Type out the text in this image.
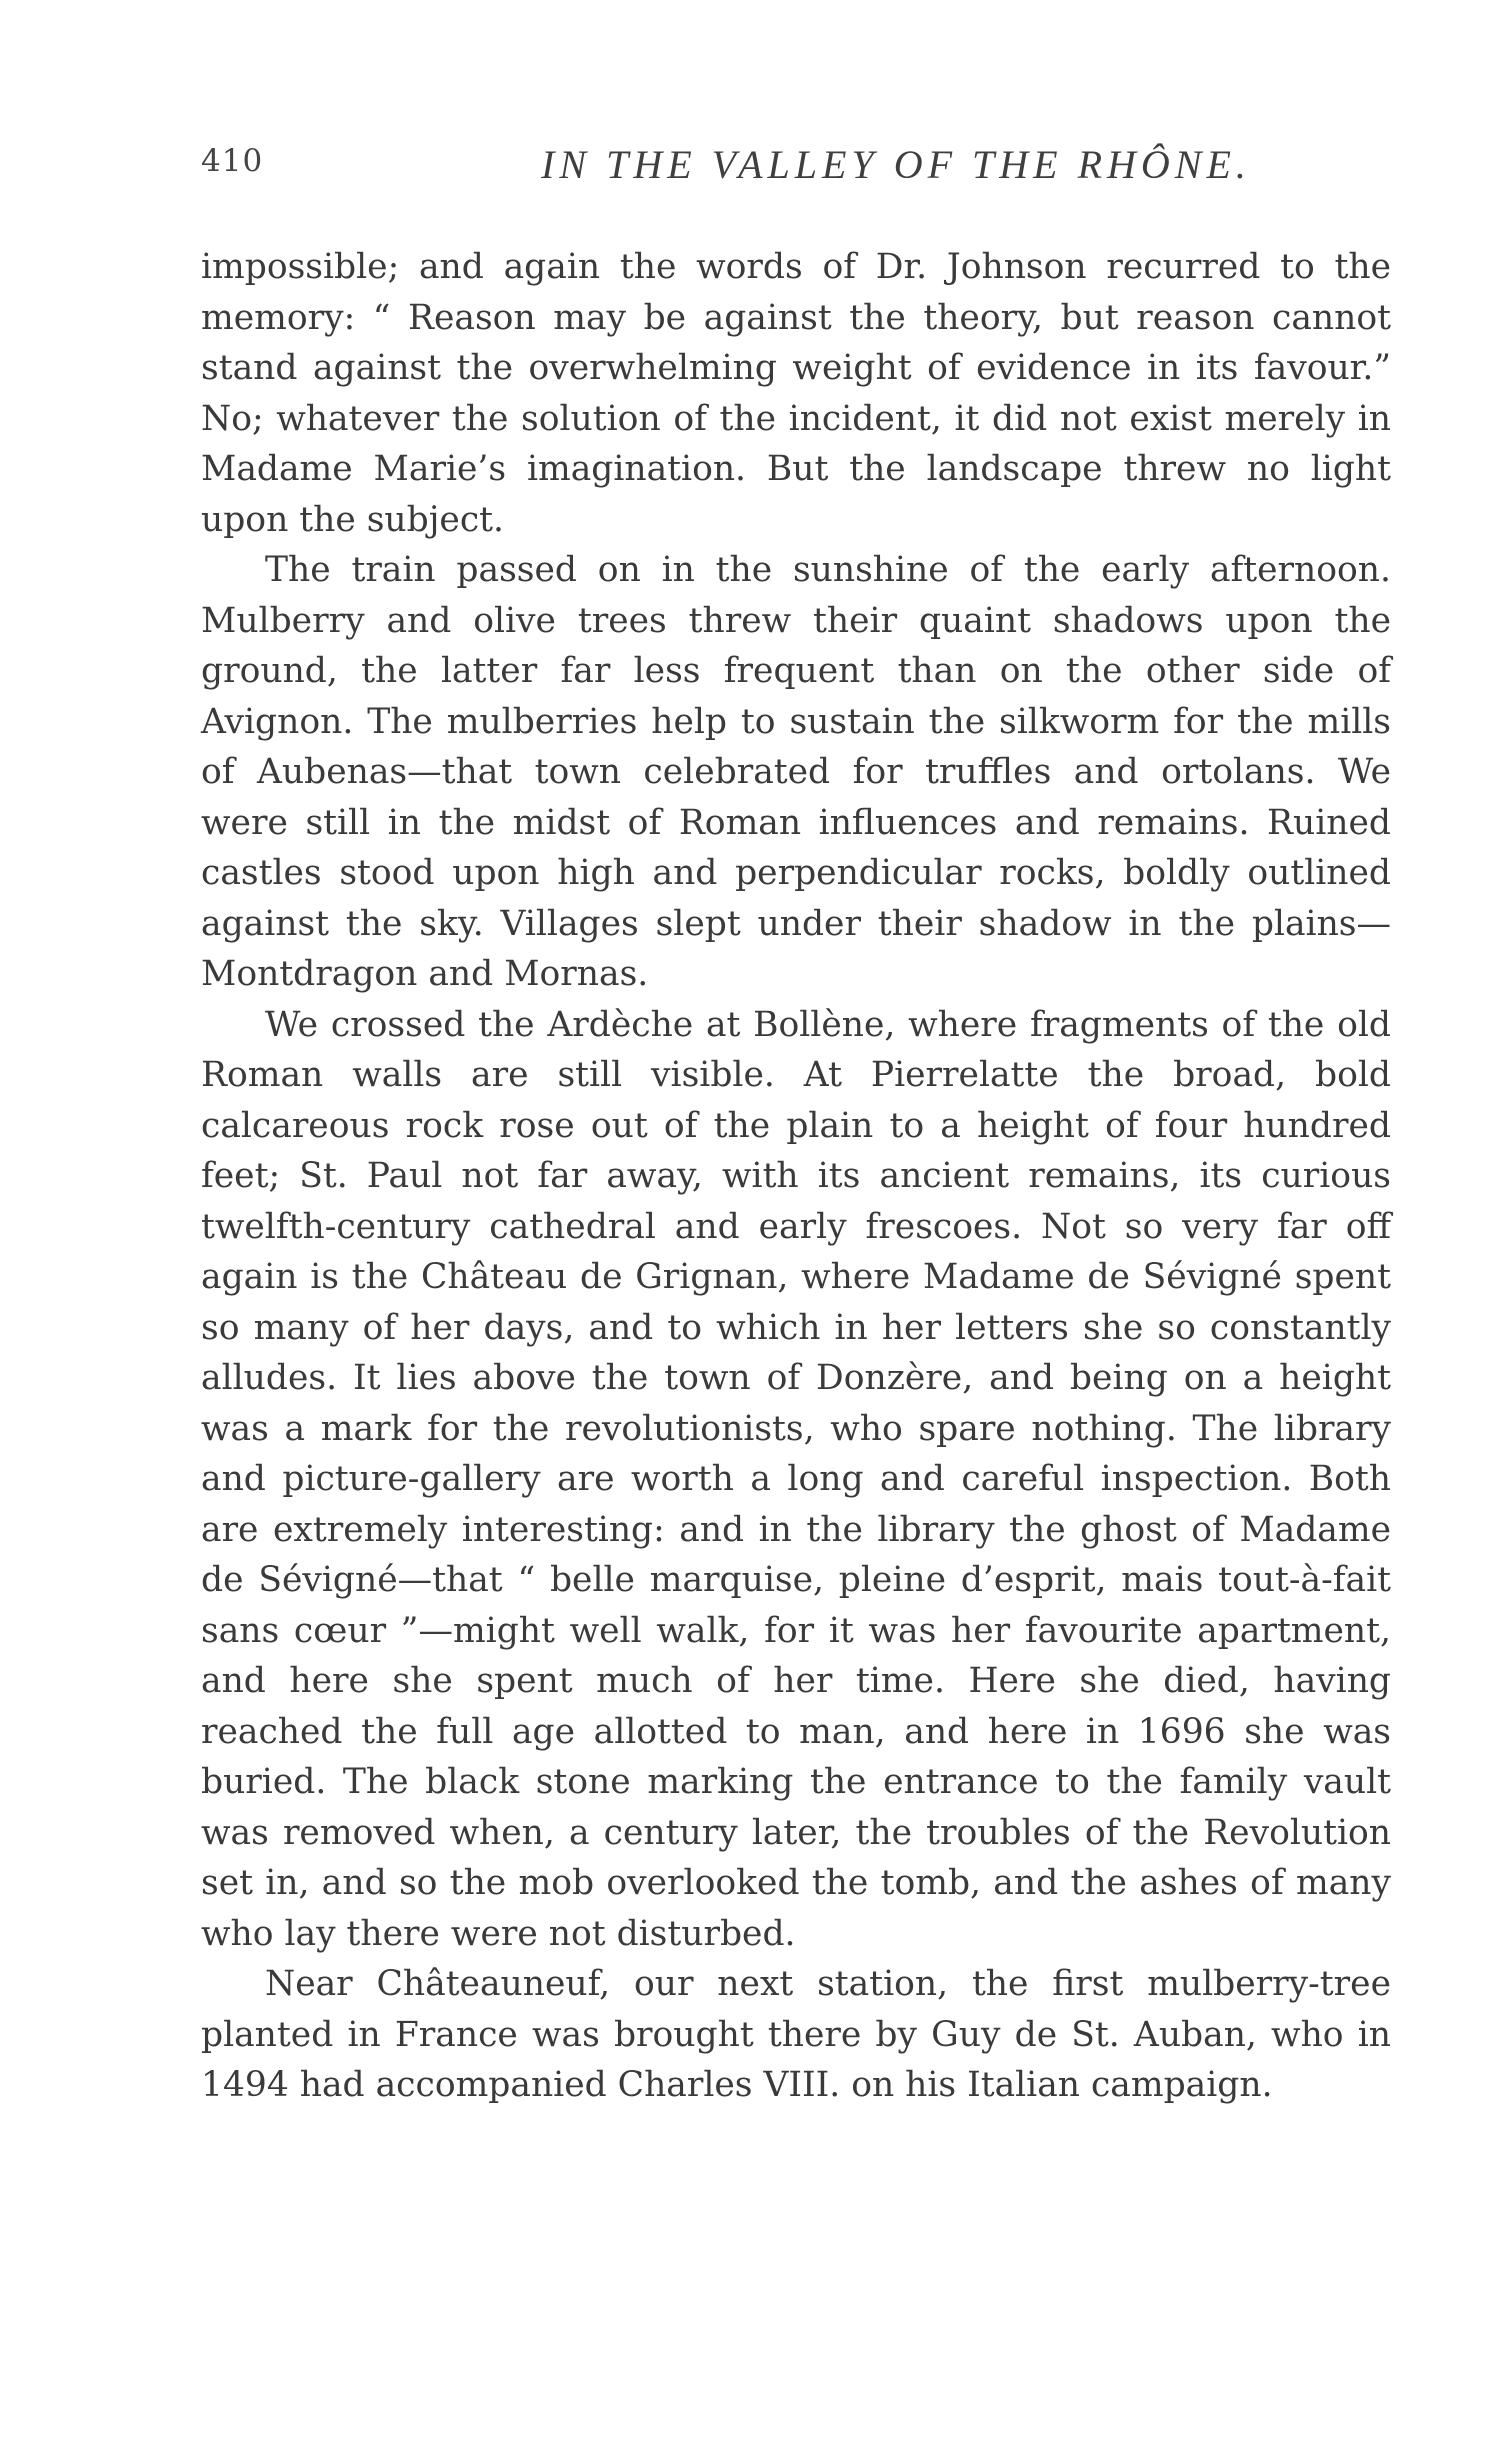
410	IN THE VALLEY OF THE RHÔNE.

impossible; and again the words of Dr. Johnson recurred to the memory: “ Reason may be against the theory, but reason cannot stand against the overwhelming weight of evidence in its favour.” No; whatever the solution of the incident, it did not exist merely in Madame Marie’s imagination. But the landscape threw no light upon the subject.

The train passed on in the sunshine of the early afternoon. Mulberry and olive trees threw their quaint shadows upon the ground, the latter far less frequent than on the other side of Avignon. The mulberries help to sustain the silkworm for the mills of Aubenas—that town celebrated for truffles and ortolans. We were still in the midst of Roman influences and remains. Ruined castles stood upon high and perpendicular rocks, boldly outlined against the sky. Villages slept under their shadow in the plains—Montdragon and Mornas.

We crossed the Ardèche at Bollène, where fragments of the old Roman walls are still visible. At Pierrelatte the broad, bold calcareous rock rose out of the plain to a height of four hundred feet; St. Paul not far away, with its ancient remains, its curious twelfth-century cathedral and early frescoes. Not so very far off again is the Château de Grignan, where Madame de Sévigné spent so many of her days, and to which in her letters she so constantly alludes. It lies above the town of Donzère, and being on a height was a mark for the revolutionists, who spare nothing. The library and picture-gallery are worth a long and careful inspection. Both are extremely interesting: and in the library the ghost of Madame de Sévigné—that “ belle marquise, pleine d’esprit, mais tout-à-fait sans cœur ”—might well walk, for it was her favourite apartment, and here she spent much of her time. Here she died, having reached the full age allotted to man, and here in 1696 she was buried. The black stone marking the entrance to the family vault was removed when, a century later, the troubles of the Revolution set in, and so the mob overlooked the tomb, and the ashes of many who lay there were not disturbed.

Near Châteauneuf, our next station, the first mulberry-tree planted in France was brought there by Guy de St. Auban, who in 1494 had accompanied Charles VIII. on his Italian campaign.
